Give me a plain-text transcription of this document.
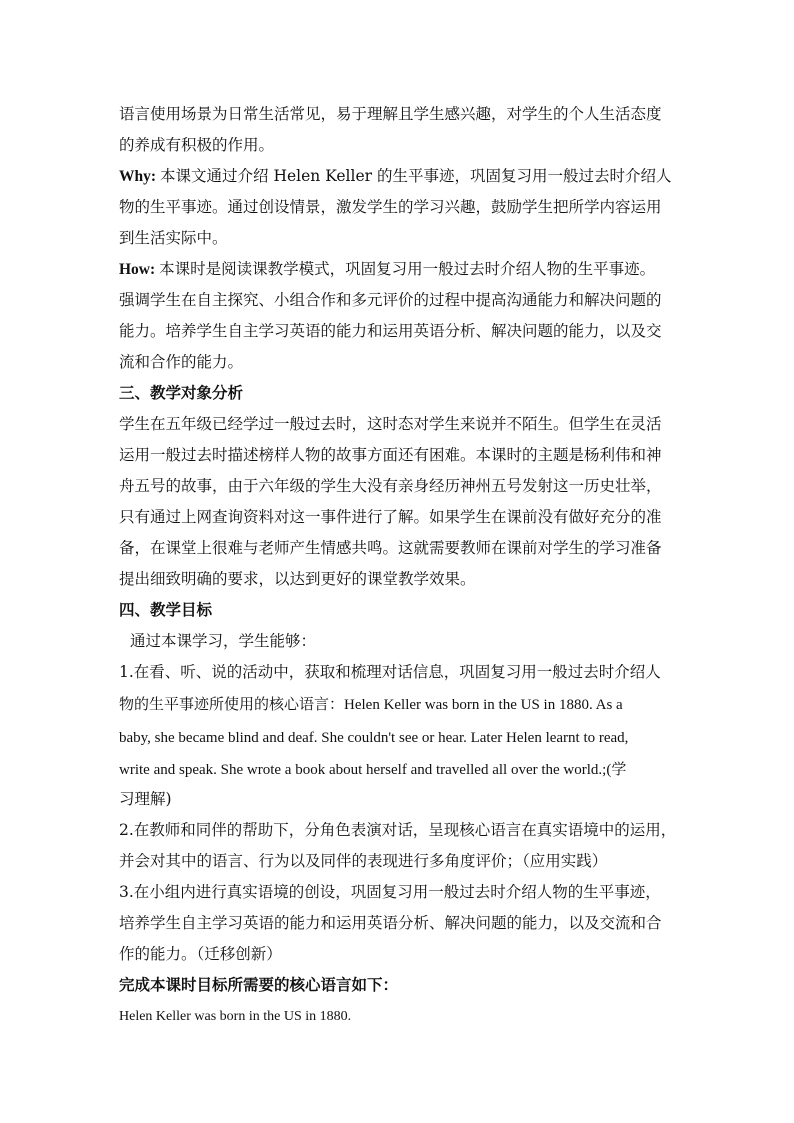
语言使用场景为日常生活常见，易于理解且学生感兴趣，对学生的个人生活态度
的养成有积极的作用。
Why: 本课文通过介绍 Helen Keller 的生平事迹，巩固复习用一般过去时介绍人
物的生平事迹。通过创设情景，激发学生的学习兴趣，鼓励学生把所学内容运用
到生活实际中。
How: 本课时是阅读课教学模式，巩固复习用一般过去时介绍人物的生平事迹。
强调学生在自主探究、小组合作和多元评价的过程中提高沟通能力和解决问题的
能力。培养学生自主学习英语的能力和运用英语分析、解决问题的能力，以及交
流和合作的能力。
三、教学对象分析
学生在五年级已经学过一般过去时，这时态对学生来说并不陌生。但学生在灵活
运用一般过去时描述榜样人物的故事方面还有困难。本课时的主题是杨利伟和神
舟五号的故事，由于六年级的学生大没有亲身经历神州五号发射这一历史壮举，
只有通过上网查询资料对这一事件进行了解。如果学生在课前没有做好充分的准
备，在课堂上很难与老师产生情感共鸣。这就需要教师在课前对学生的学习准备
提出细致明确的要求，以达到更好的课堂教学效果。
四、教学目标
通过本课学习，学生能够：
1.在看、听、说的活动中，获取和梳理对话信息，巩固复习用一般过去时介绍人
物的生平事迹所使用的核心语言：Helen Keller was born in the US in 1880. As a
baby, she became blind and deaf. She couldn't see or hear. Later Helen learnt to read,
write and speak. She wrote a book about herself and travelled all over the world.;(学
习理解)
2.在教师和同伴的帮助下，分角色表演对话，呈现核心语言在真实语境中的运用，
并会对其中的语言、行为以及同伴的表现进行多角度评价；（应用实践）
3.在小组内进行真实语境的创设，巩固复习用一般过去时介绍人物的生平事迹，
培养学生自主学习英语的能力和运用英语分析、解决问题的能力，以及交流和合
作的能力。（迁移创新）
完成本课时目标所需要的核心语言如下：
Helen Keller was born in the US in 1880.
